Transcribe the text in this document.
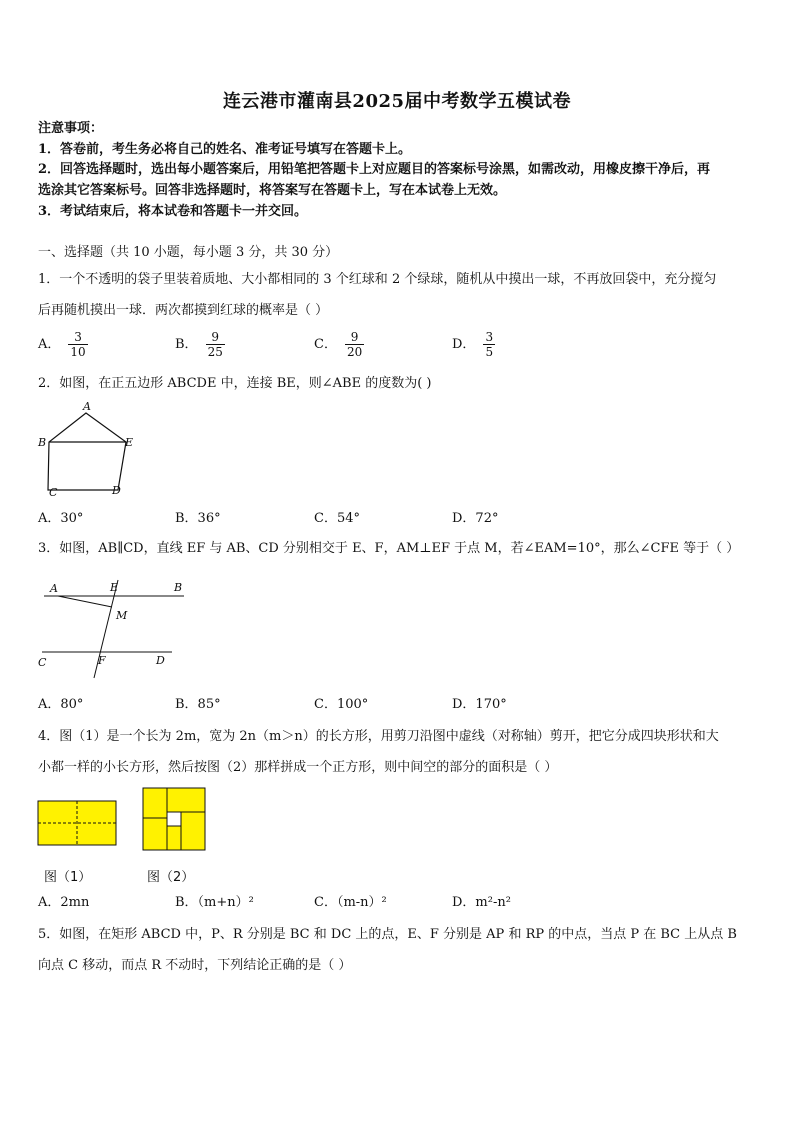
连云港市灌南县2025届中考数学五模试卷
注意事项：
1．答卷前，考生务必将自己的姓名、准考证号填写在答题卡上。
2．回答选择题时，选出每小题答案后，用铅笔把答题卡上对应题目的答案标号涂黑，如需改动，用橡皮擦干净后，再
选涂其它答案标号。回答非选择题时，将答案写在答题卡上，写在本试卷上无效。
3．考试结束后，将本试卷和答题卡一并交回。
一、选择题（共 10 小题，每小题 3 分，共 30 分）
1．一个不透明的袋子里装着质地、大小都相同的 3 个红球和 2 个绿球，随机从中摸出一球，不再放回袋中，充分搅匀
后再随机摸出一球．两次都摸到红球的概率是（ ）
A． $\frac{3}{10}$	B． $\frac{9}{25}$	C． $\frac{9}{20}$	D． $\frac{3}{5}$
2．如图，在正五边形 ABCDE 中，连接 BE，则∠ABE 的度数为( )
A
B	E
C	D
A．30°	B．36°	C．54°	D．72°
3．如图，AB∥CD，直线 EF 与 AB、CD 分别相交于 E、F，AM⊥EF 于点 M，若∠EAM=10°，那么∠CFE 等于（ ）
A	E	B
M
C	F	D
A．80°	B．85°	C．100°	D．170°
4．图（1）是一个长为 2m，宽为 2n（m＞n）的长方形，用剪刀沿图中虚线（对称轴）剪开，把它分成四块形状和大
小都一样的小长方形，然后按图（2）那样拼成一个正方形，则中间空的部分的面积是（ ）
图（1）	图（2）
A．2mn	B．（m+n）²	C．（m-n）²	D．m²-n²
5．如图，在矩形 ABCD 中，P、R 分别是 BC 和 DC 上的点，E、F 分别是 AP 和 RP 的中点，当点 P 在 BC 上从点 B
向点 C 移动，而点 R 不动时，下列结论正确的是（ ）
